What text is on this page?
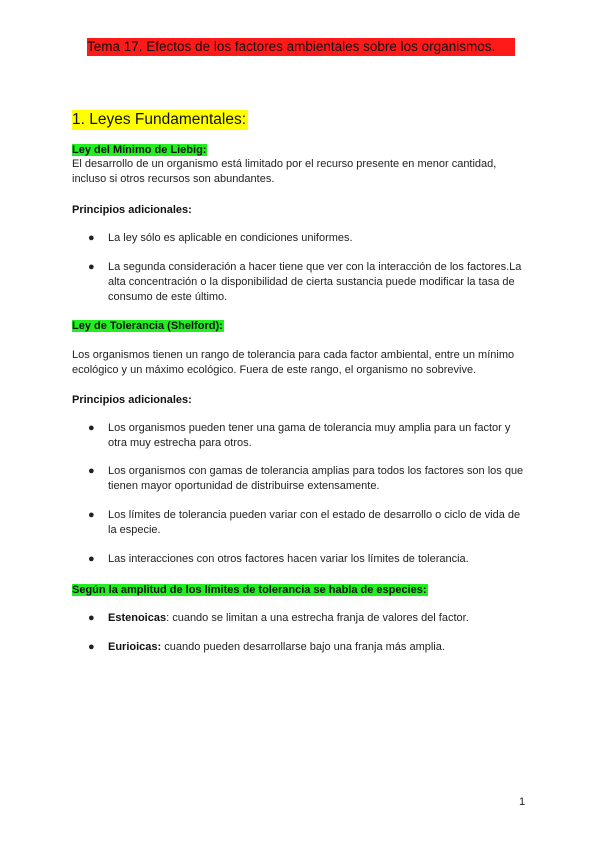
Tema 17. Efectos de los factores ambientales sobre los organismos.
1. Leyes Fundamentales:
Ley del Mínimo de Liebig:
El desarrollo de un organismo está limitado por el recurso presente en menor cantidad,
incluso si otros recursos son abundantes.
Principios adicionales:
● La ley sólo es aplicable en condiciones uniformes.
● La segunda consideración a hacer tiene que ver con la interacción de los factores.La
alta concentración o la disponibilidad de cierta sustancia puede modificar la tasa de
consumo de este último.
Ley de Tolerancia (Shelford):
Los organismos tienen un rango de tolerancia para cada factor ambiental, entre un mínimo
ecológico y un máximo ecológico. Fuera de este rango, el organismo no sobrevive.
Principios adicionales:
● Los organismos pueden tener una gama de tolerancia muy amplia para un factor y
otra muy estrecha para otros.
● Los organismos con gamas de tolerancia amplias para todos los factores son los que
tienen mayor oportunidad de distribuirse extensamente.
● Los límites de tolerancia pueden variar con el estado de desarrollo o ciclo de vida de
la especie.
● Las interacciones con otros factores hacen variar los límites de tolerancia.
Según la amplitud de los límites de tolerancia se habla de especies:
● Estenoicas: cuando se limitan a una estrecha franja de valores del factor.
● Eurioicas: cuando pueden desarrollarse bajo una franja más amplia.
1
